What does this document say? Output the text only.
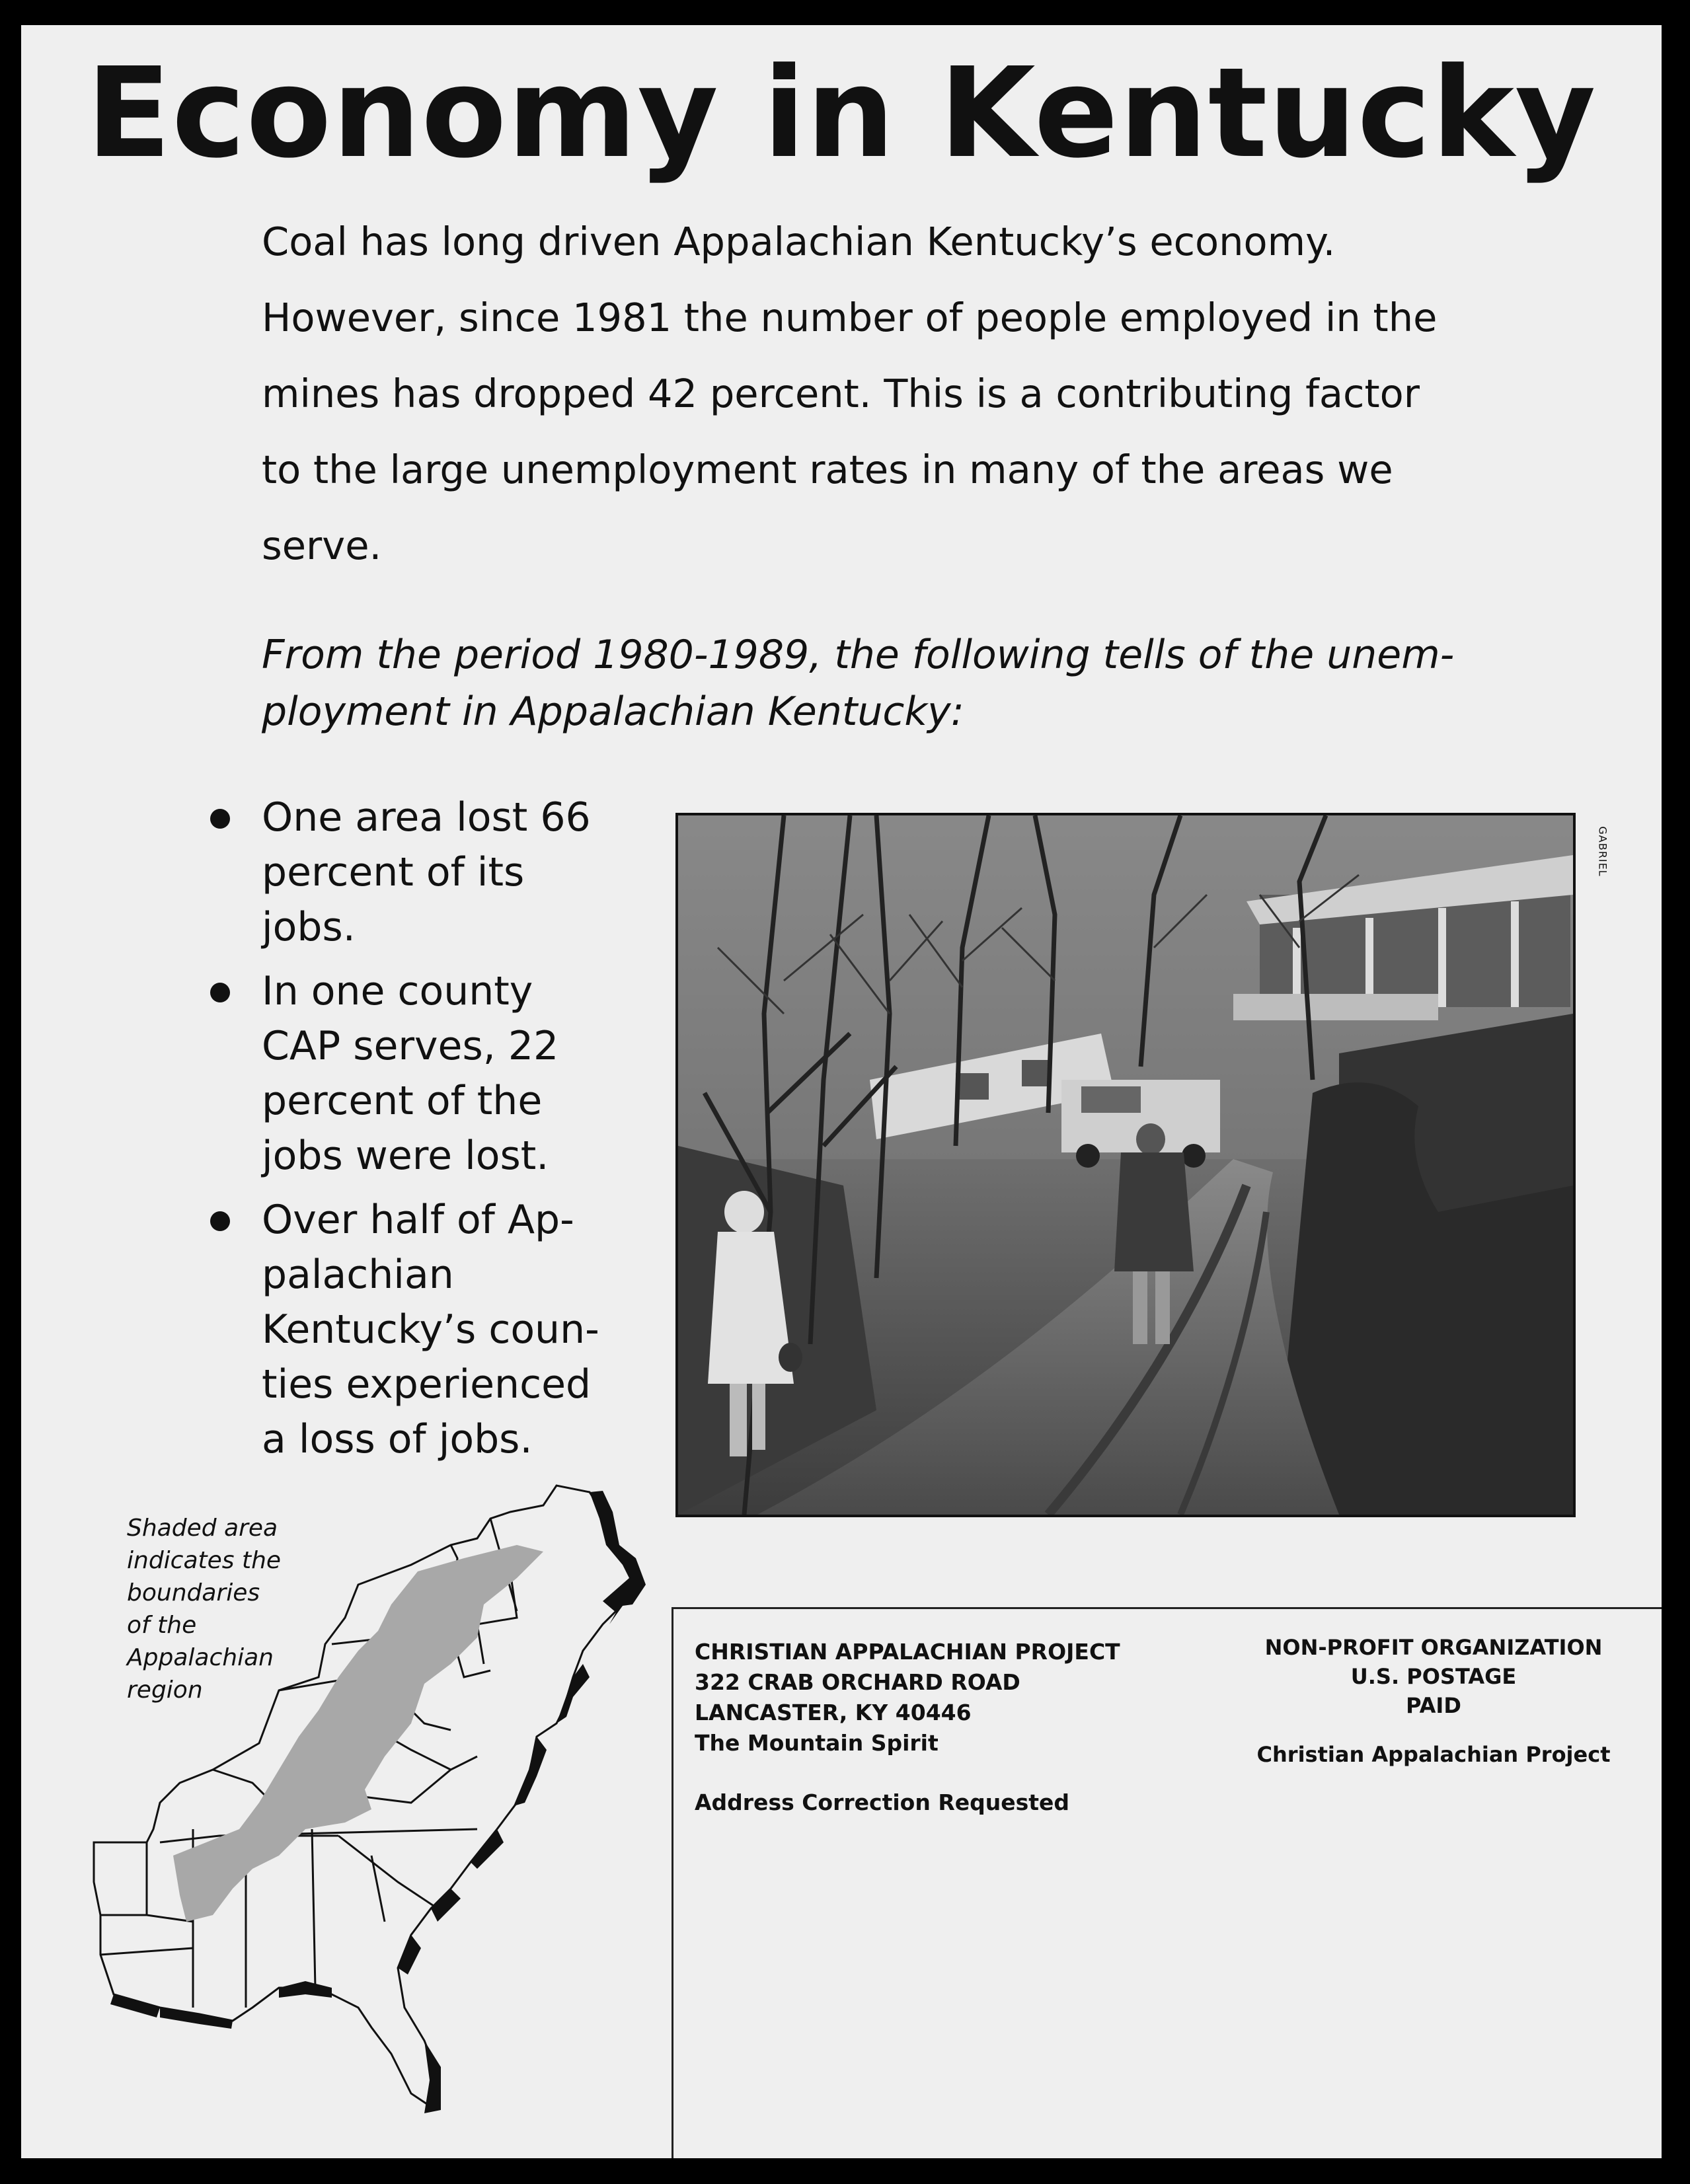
Economy in Kentucky

Coal has long driven Appalachian Kentucky’s economy.
However, since 1981 the number of people employed in the
mines has dropped 42 percent. This is a contributing factor
to the large unemployment rates in many of the areas we
serve.

From the period 1980-1989, the following tells of the unem-
ployment in Appalachian Kentucky:

One area lost 66
percent of its
jobs.
In one county
CAP serves, 22
percent of the
jobs were lost.
Over half of Ap-
palachian
Kentucky’s coun-
ties experienced
a loss of jobs.
GABRIEL
Shaded area
indicates the
boundaries
of the
Appalachian
region
CHRISTIAN APPALACHIAN PROJECT
322 CRAB ORCHARD ROAD
LANCASTER, KY 40446
The Mountain Spirit
Address Correction Requested
NON-PROFIT ORGANIZATION
U.S. POSTAGE
PAID
Christian Appalachian Project
